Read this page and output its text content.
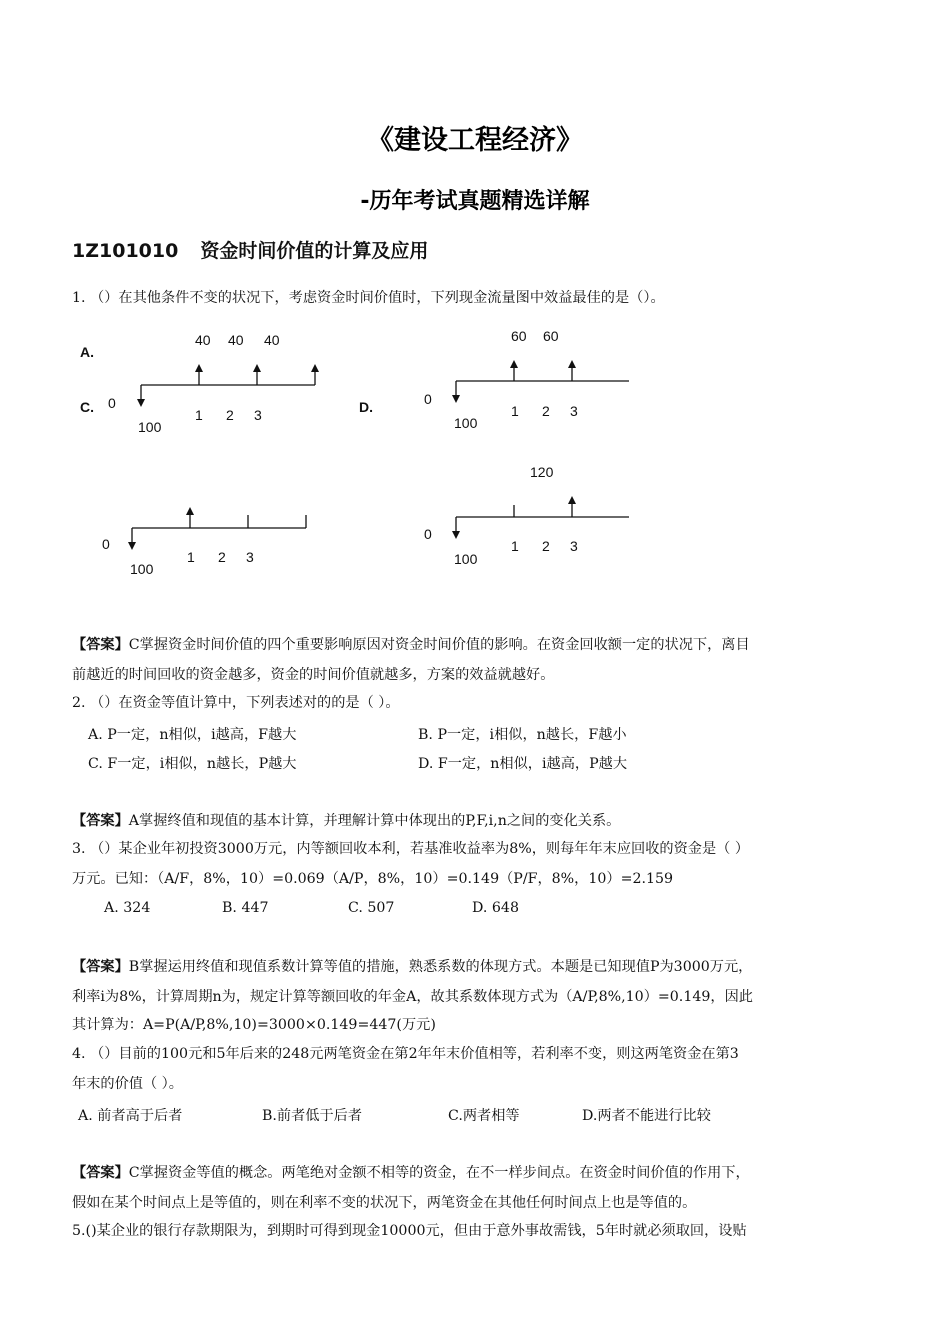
《建设工程经济》
-历年考试真题精选详解
1Z101010 资金时间价值的计算及应用
1. （）在其他条件不变的状况下，考虑资金时间价值时，下列现金流量图中效益最佳的是（）。
A.
C.	D.
40 40 40
0
100
1 2 3
60 60
0
100
1 2 3
0
100
1 2 3
120
0
100
1 2 3
【答案】C掌握资金时间价值的四个重要影响原因对资金时间价值的影响。在资金回收额一定的状况下，离目
前越近的时间回收的资金越多，资金的时间价值就越多，方案的效益就越好。
2. （）在资金等值计算中，下列表述对的的是（ ）。
A. P一定，n相似，i越高，F越大	B. P一定，i相似，n越长，F越小
C. F一定，i相似，n越长，P越大	D. F一定，n相似，i越高，P越大
【答案】A掌握终值和现值的基本计算，并理解计算中体现出的P,F,i,n之间的变化关系。
3. （）某企业年初投资3000万元，内等额回收本利，若基准收益率为8%，则每年年末应回收的资金是（ ）
万元。已知：（A/F，8%，10）=0.069（A/P，8%，10）=0.149（P/F，8%，10）=2.159
A. 324	B. 447	C. 507	D. 648
【答案】B掌握运用终值和现值系数计算等值的措施，熟悉系数的体现方式。本题是已知现值P为3000万元，
利率i为8%，计算周期n为，规定计算等额回收的年金A，故其系数体现方式为（A/P,8%,10）=0.149，因此
其计算为：A=P(A/P,8%,10)=3000×0.149=447(万元)
4. （）目前的100元和5年后来的248元两笔资金在第2年年末价值相等，若利率不变，则这两笔资金在第3
年末的价值（ ）。
A. 前者高于后者	B.前者低于后者	C.两者相等	D.两者不能进行比较
【答案】C掌握资金等值的概念。两笔绝对金额不相等的资金，在不一样步间点。在资金时间价值的作用下，
假如在某个时间点上是等值的，则在利率不变的状况下，两笔资金在其他任何时间点上也是等值的。
5.()某企业的银行存款期限为，到期时可得到现金10000元，但由于意外事故需钱，5年时就必须取回，设贴
